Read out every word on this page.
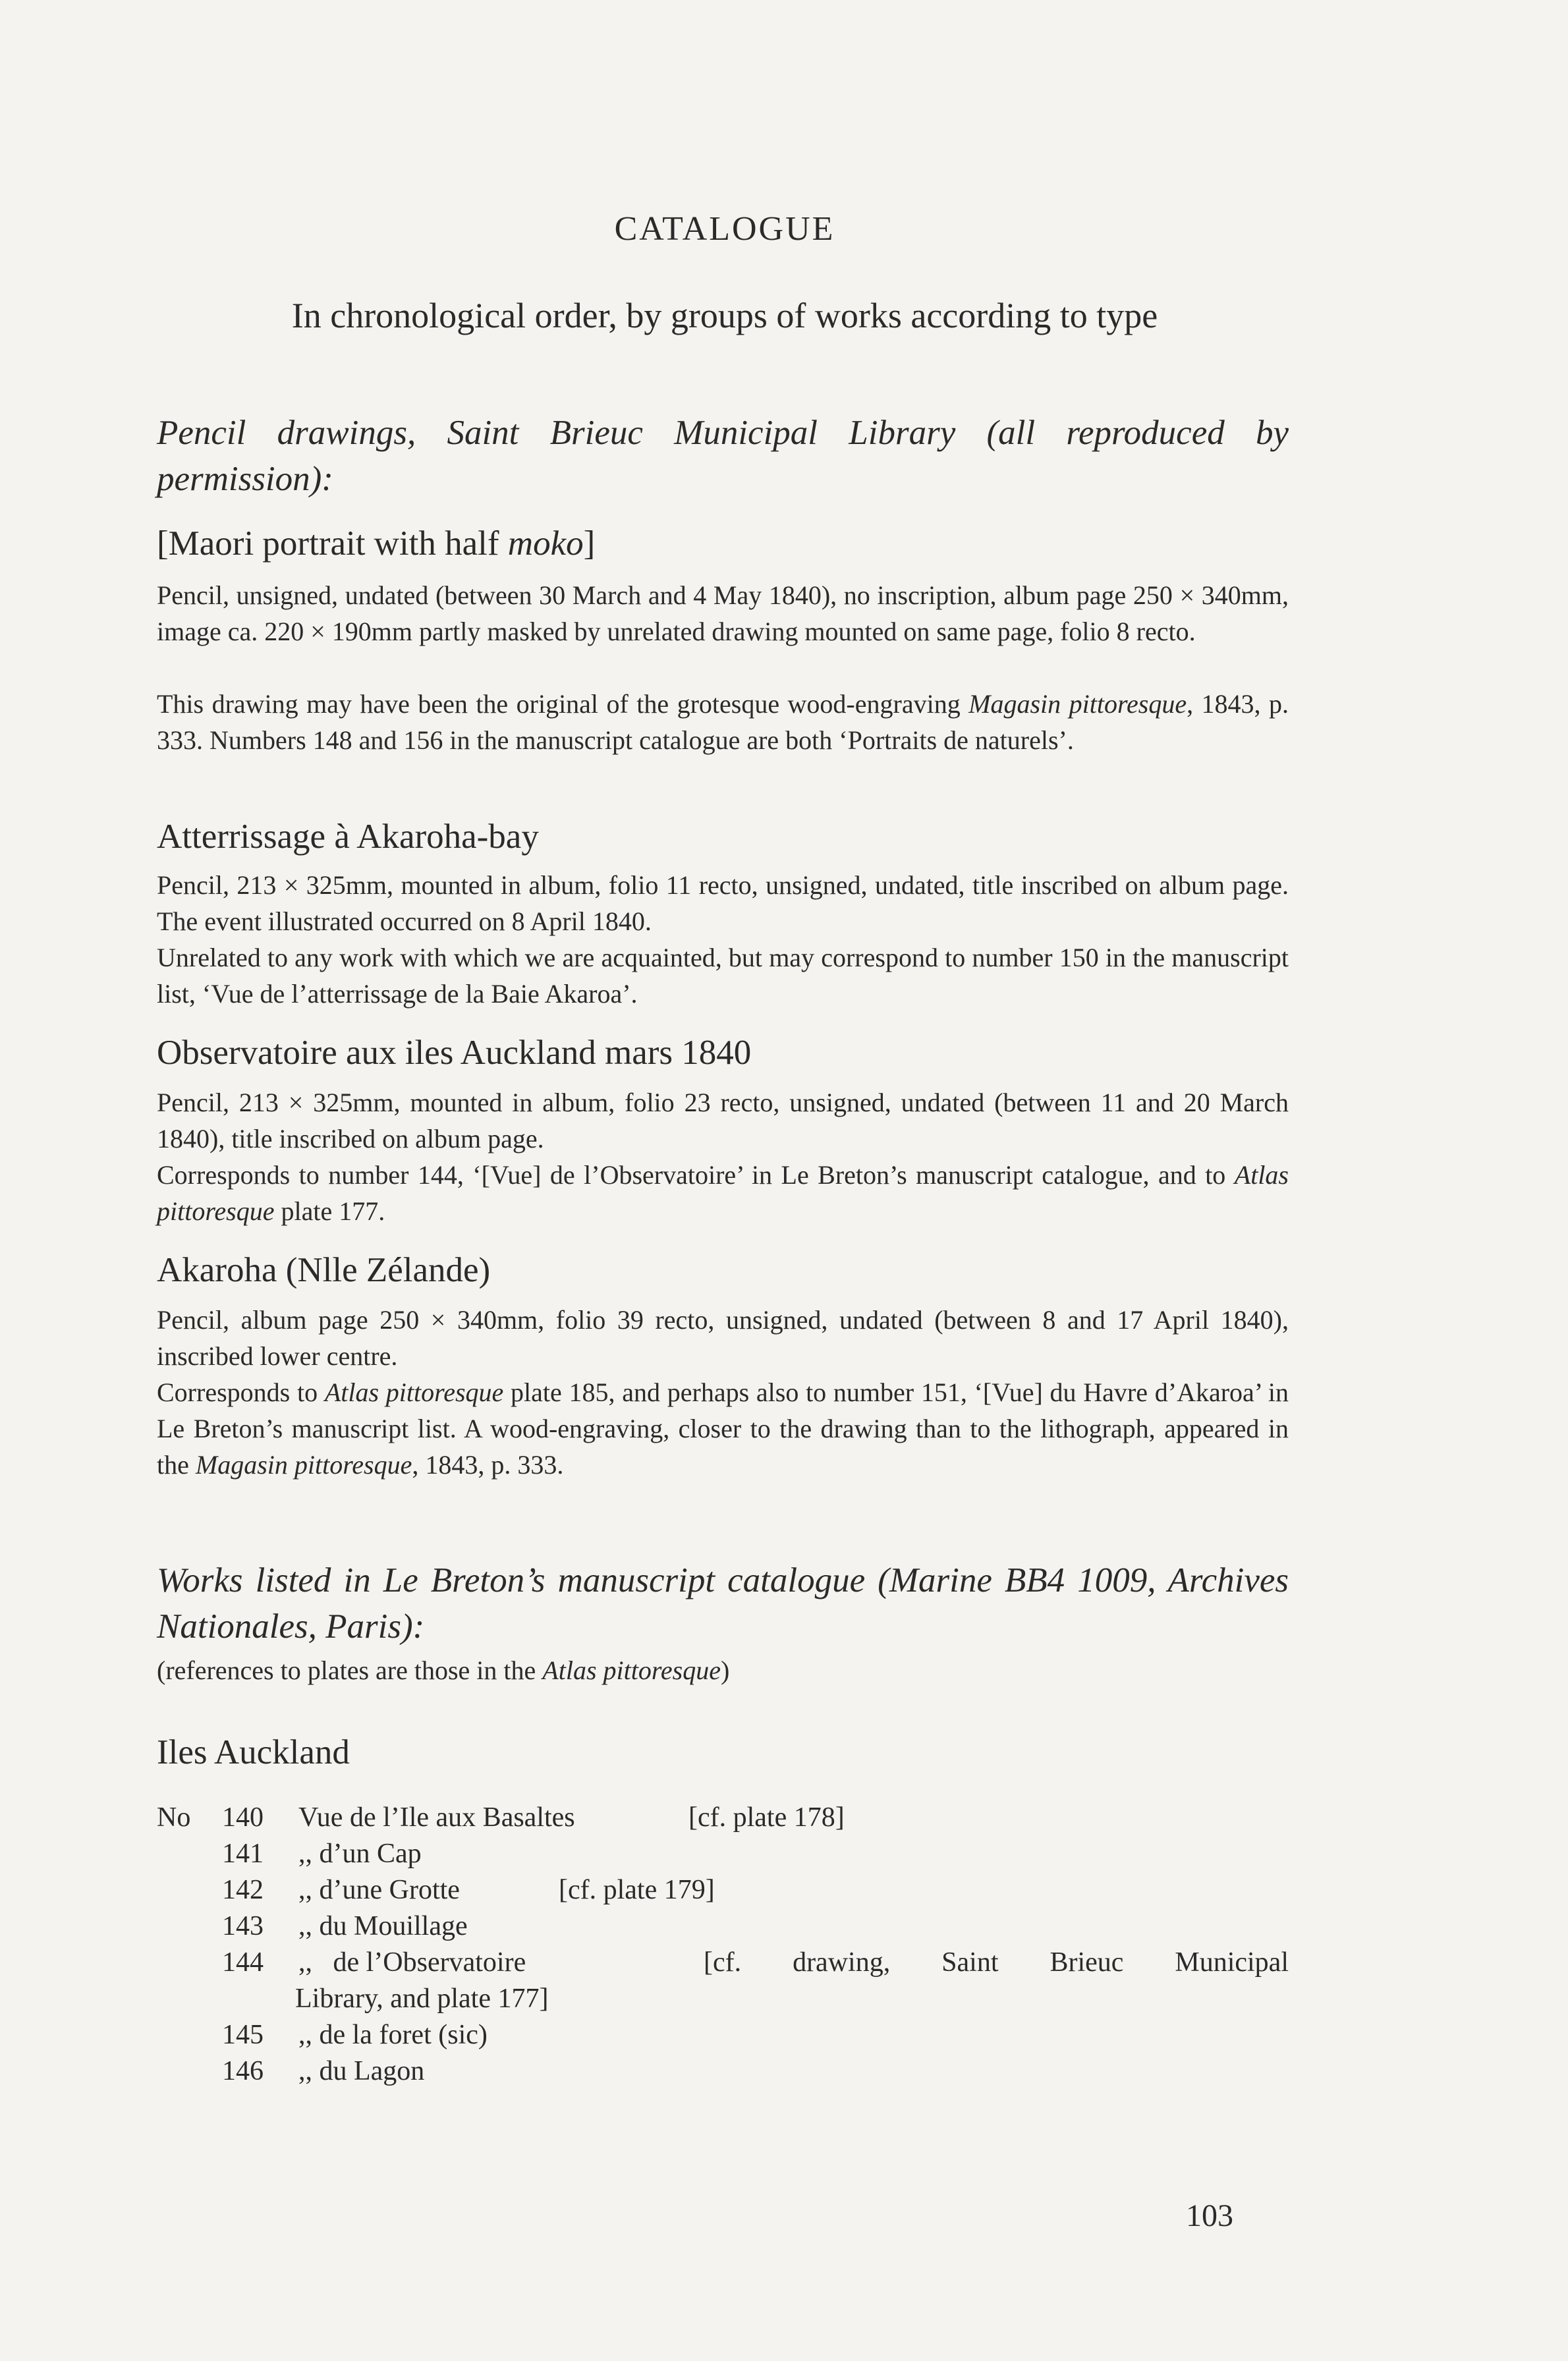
CATALOGUE
In chronological order, by groups of works according to type
Pencil drawings, Saint Brieuc Municipal Library (all reproduced by permission):
[Maori portrait with half moko]
Pencil, unsigned, undated (between 30 March and 4 May 1840), no inscription, album page 250 × 340mm, image ca. 220 × 190mm partly masked by unrelated drawing mounted on same page, folio 8 recto.
This drawing may have been the original of the grotesque wood-engraving Magasin pittoresque, 1843, p. 333. Numbers 148 and 156 in the manuscript catalogue are both ‘Portraits de naturels’.
Atterrissage à Akaroha-bay
Pencil, 213 × 325mm, mounted in album, folio 11 recto, unsigned, undated, title inscribed on album page. The event illustrated occurred on 8 April 1840.
Unrelated to any work with which we are acquainted, but may correspond to number 150 in the manuscript list, ‘Vue de l’atterrissage de la Baie Akaroa’.
Observatoire aux iles Auckland mars 1840
Pencil, 213 × 325mm, mounted in album, folio 23 recto, unsigned, undated (between 11 and 20 March 1840), title inscribed on album page.
Corresponds to number 144, ‘[Vue] de l’Observatoire’ in Le Breton’s manuscript catalogue, and to Atlas pittoresque plate 177.
Akaroha (Nlle Zélande)
Pencil, album page 250 × 340mm, folio 39 recto, unsigned, undated (between 8 and 17 April 1840), inscribed lower centre.
Corresponds to Atlas pittoresque plate 185, and perhaps also to number 151, ‘[Vue] du Havre d’Akaroa’ in Le Breton’s manuscript list. A wood-engraving, closer to the drawing than to the lithograph, appeared in the Magasin pittoresque, 1843, p. 333.
Works listed in Le Breton’s manuscript catalogue (Marine BB4 1009, Archives Nationales, Paris):
(references to plates are those in the Atlas pittoresque)
Iles Auckland
No	140 Vue de l’Ile aux Basaltes	[cf. plate 178]
141 ,, d’un Cap
142 ,, d’une Grotte	[cf. plate 179]
143 ,, du Mouillage
144 ,,   de l’Observatoire	[cf. drawing, Saint Brieuc Municipal
Library, and plate 177]
145 ,, de la foret (sic)
146 ,, du Lagon
103
